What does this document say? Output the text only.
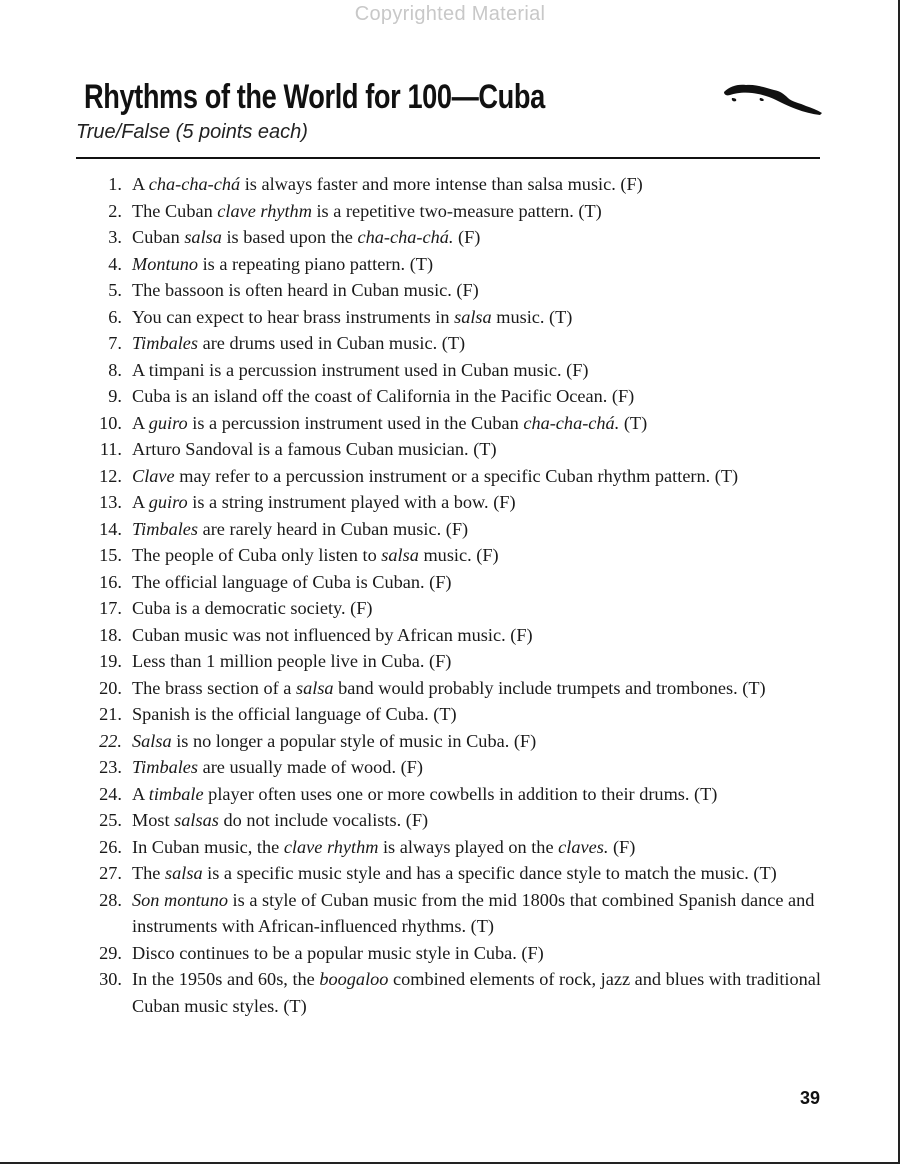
Copyrighted Material
Rhythms of the World for 100—Cuba
True/False (5 points each)
1. A cha-cha-chá is always faster and more intense than salsa music. (F)
2. The Cuban clave rhythm is a repetitive two-measure pattern. (T)
3. Cuban salsa is based upon the cha-cha-chá. (F)
4. Montuno is a repeating piano pattern. (T)
5. The bassoon is often heard in Cuban music. (F)
6. You can expect to hear brass instruments in salsa music. (T)
7. Timbales are drums used in Cuban music. (T)
8. A timpani is a percussion instrument used in Cuban music. (F)
9. Cuba is an island off the coast of California in the Pacific Ocean. (F)
10. A guiro is a percussion instrument used in the Cuban cha-cha-chá. (T)
11. Arturo Sandoval is a famous Cuban musician. (T)
12. Clave may refer to a percussion instrument or a specific Cuban rhythm pattern. (T)
13. A guiro is a string instrument played with a bow. (F)
14. Timbales are rarely heard in Cuban music. (F)
15. The people of Cuba only listen to salsa music. (F)
16. The official language of Cuba is Cuban. (F)
17. Cuba is a democratic society. (F)
18. Cuban music was not influenced by African music. (F)
19. Less than 1 million people live in Cuba. (F)
20. The brass section of a salsa band would probably include trumpets and trombones. (T)
21. Spanish is the official language of Cuba. (T)
22. Salsa is no longer a popular style of music in Cuba. (F)
23. Timbales are usually made of wood. (F)
24. A timbale player often uses one or more cowbells in addition to their drums. (T)
25. Most salsas do not include vocalists. (F)
26. In Cuban music, the clave rhythm is always played on the claves. (F)
27. The salsa is a specific music style and has a specific dance style to match the music. (T)
28. Son montuno is a style of Cuban music from the mid 1800s that combined Spanish dance and instruments with African-influenced rhythms. (T)
29. Disco continues to be a popular music style in Cuba. (F)
30. In the 1950s and 60s, the boogaloo combined elements of rock, jazz and blues with traditional Cuban music styles. (T)
39
